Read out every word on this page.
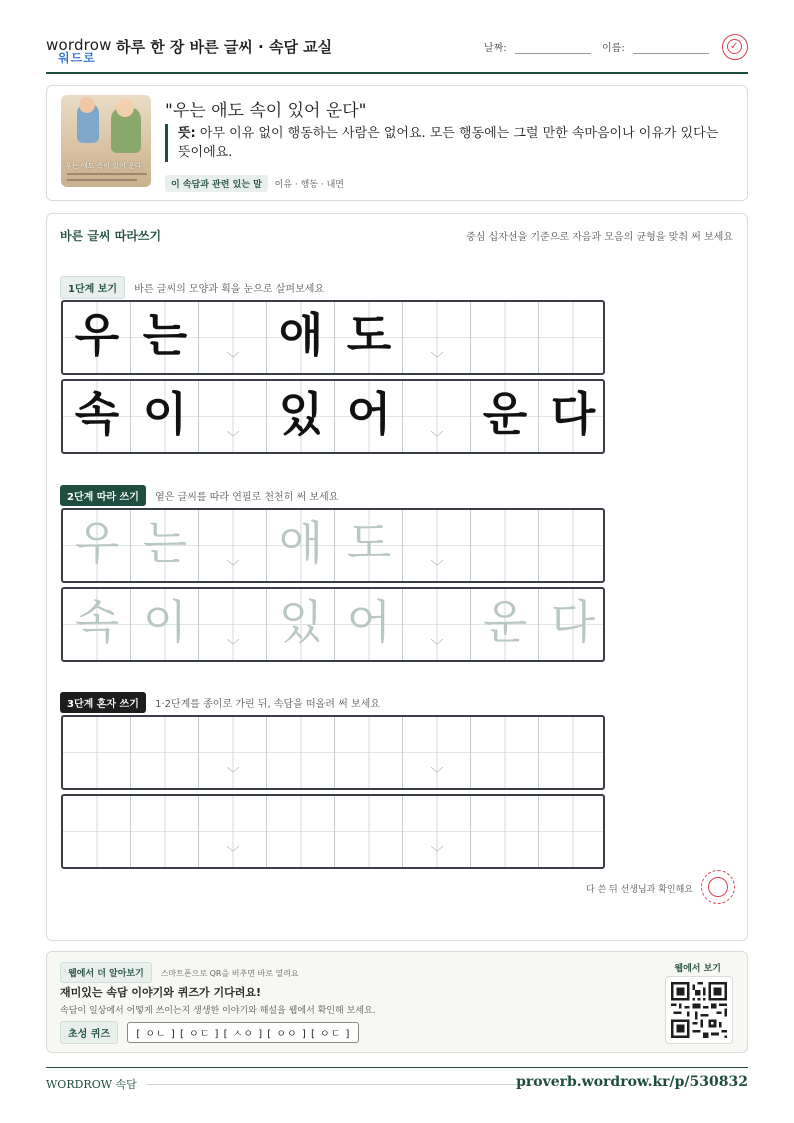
wordrow
워드로
하루 한 장 바른 글씨 · 속담 교실	날짜:	이름:	✓
우는 애도 속이 있어 운다
"우는 애도 속이 있어 운다"
뜻: 아무 이유 없이 행동하는 사람은 없어요. 모든 행동에는 그럴 만한 속마음이나 이유가 있다는 뜻이에요.
이 속담과 관련 있는 말 이유 · 행동 · 내면
바른 글씨 따라쓰기	중심 십자선을 기준으로 자음과 모음의 균형을 맞춰 써 보세요
1단계 보기 바른 글씨의 모양과 획을 눈으로 살펴보세요
우 는	﹀ 애 도	﹀
속 이	﹀ 있 어	﹀ 운 다
2단계 따라 쓰기 옅은 글씨를 따라 연필로 천천히 써 보세요
우 는	﹀ 애 도	﹀
속 이	﹀ 있 어	﹀ 운 다
3단계 혼자 쓰기 1·2단계를 종이로 가린 뒤, 속담을 떠올려 써 보세요
﹀	﹀
﹀	﹀
다 쓴 뒤 선생님과 확인해요
웹에서 더 알아보기 스마트폰으로 QR을 비추면 바로 열려요
재미있는 속담 이야기와 퀴즈가 기다려요!
속담이 일상에서 어떻게 쓰이는지 생생한 이야기와 해설을 웹에서 확인해 보세요.
초성 퀴즈	[ ㅇㄴ ] [ ㅇㄷ ] [ ㅅㅇ ] [ ㅇㅇ ] [ ㅇㄷ ]
웹에서 보기
WORDROW 속담	proverb.wordrow.kr/p/530832
